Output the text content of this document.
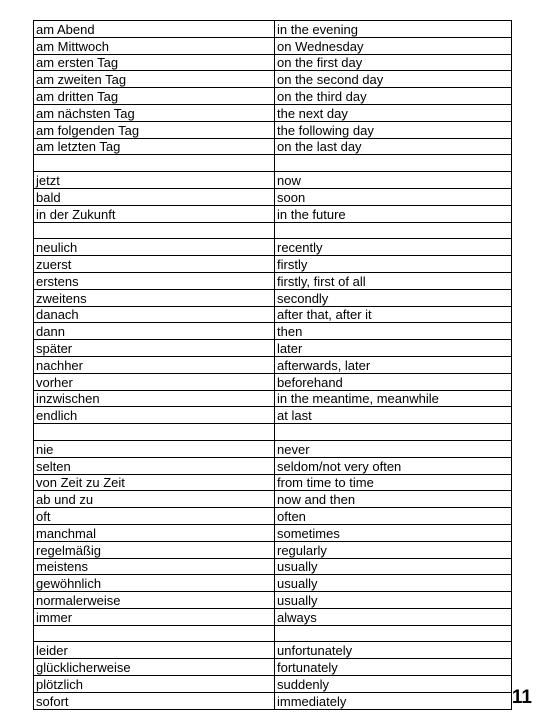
am Abend	in the evening
am Mittwoch	on Wednesday
am ersten Tag	on the first day
am zweiten Tag	on the second day
am dritten Tag	on the third day
am nächsten Tag	the next day
am folgenden Tag	the following day
am letzten Tag	on the last day

jetzt	now
bald	soon
in der Zukunft	in the future

neulich	recently
zuerst	firstly
erstens	firstly, first of all
zweitens	secondly
danach	after that, after it
dann	then
später	later
nachher	afterwards, later
vorher	beforehand
inzwischen	in the meantime, meanwhile
endlich	at last

nie	never
selten	seldom/not very often
von Zeit zu Zeit	from time to time
ab und zu	now and then
oft	often
manchmal	sometimes
regelmäßig	regularly
meistens	usually
gewöhnlich	usually
normalerweise	usually
immer	always

leider	unfortunately
glücklicherweise	fortunately
plötzlich	suddenly
sofort	immediately	11
